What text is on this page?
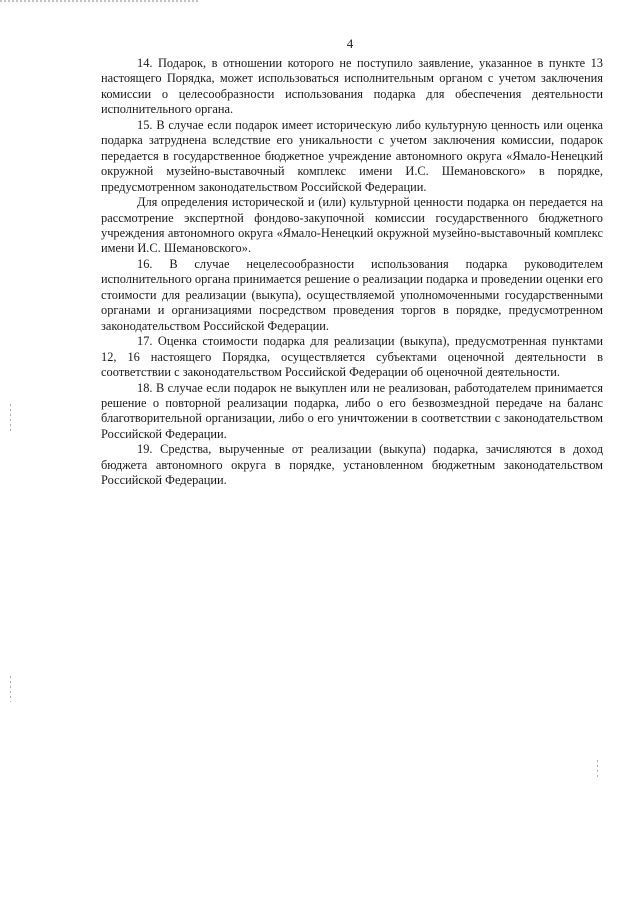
4

14. Подарок, в отношении которого не поступило заявление, указанное в пункте 13 настоящего Порядка, может использоваться исполнительным органом с учетом заключения комиссии о целесообразности использования подарка для обеспечения деятельности исполнительного органа.

15. В случае если подарок имеет историческую либо культурную ценность или оценка подарка затруднена вследствие его уникальности с учетом заключения комиссии, подарок передается в государственное бюджетное учреждение автономного округа «Ямало-Ненецкий окружной музейно-выставочный комплекс имени И.С. Шемановского» в порядке, предусмотренном законодательством Российской Федерации.

Для определения исторической и (или) культурной ценности подарка он передается на рассмотрение экспертной фондово-закупочной комиссии государственного бюджетного учреждения автономного округа «Ямало-Ненецкий окружной музейно-выставочный комплекс имени И.С. Шемановского».

16. В случае нецелесообразности использования подарка руководителем исполнительного органа принимается решение о реализации подарка и проведении оценки его стоимости для реализации (выкупа), осуществляемой уполномоченными государственными органами и организациями посредством проведения торгов в порядке, предусмотренном законодательством Российской Федерации.

17. Оценка стоимости подарка для реализации (выкупа), предусмотренная пунктами 12, 16 настоящего Порядка, осуществляется субъектами оценочной деятельности в соответствии с законодательством Российской Федерации об оценочной деятельности.

18. В случае если подарок не выкуплен или не реализован, работодателем принимается решение о повторной реализации подарка, либо о его безвозмездной передаче на баланс благотворительной организации, либо о его уничтожении в соответствии с законодательством Российской Федерации.

19. Средства, вырученные от реализации (выкупа) подарка, зачисляются в доход бюджета автономного округа в порядке, установленном бюджетным законодательством Российской Федерации.
